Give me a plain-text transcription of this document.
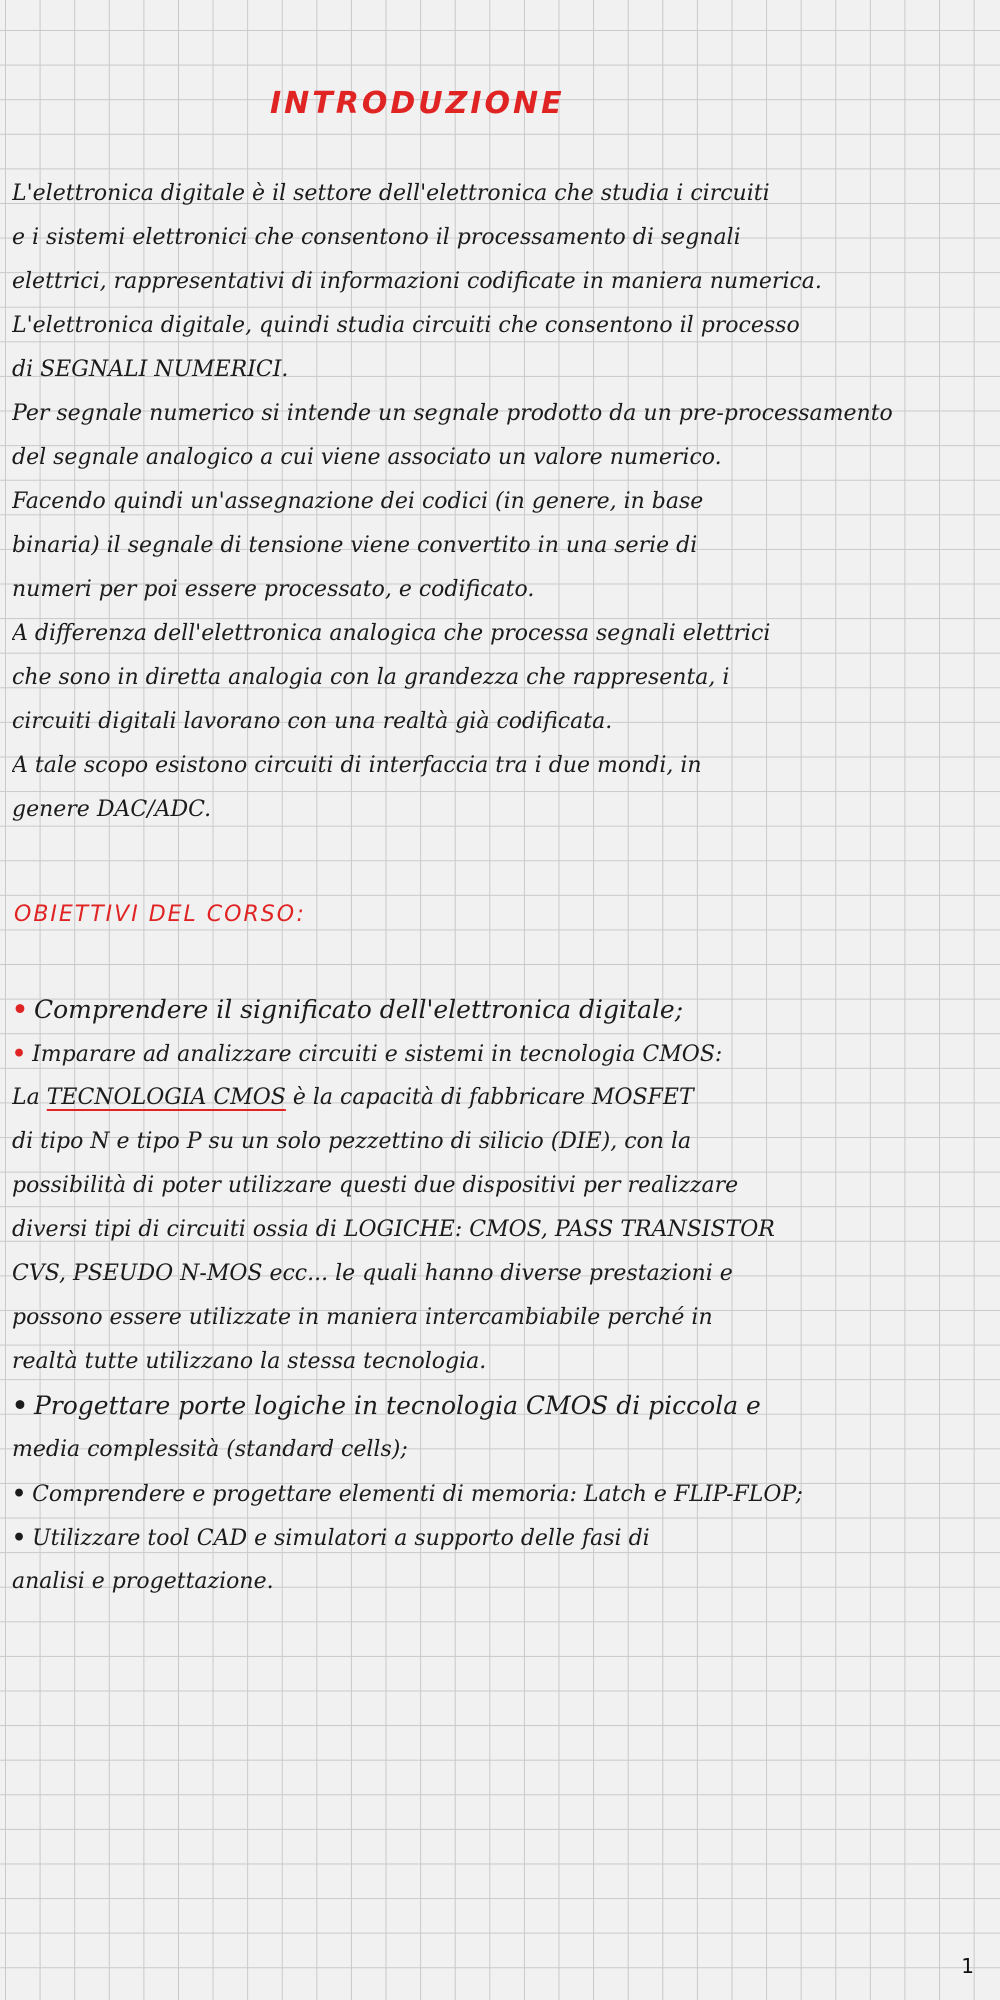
INTRODUZIONE
L'elettronica digitale è il settore dell'elettronica che studia i circuiti
e i sistemi elettronici che consentono il processamento di segnali
elettrici, rappresentativi di informazioni codificate in maniera numerica.
L'elettronica digitale, quindi studia circuiti che consentono il processo
di SEGNALI NUMERICI.
Per segnale numerico si intende un segnale prodotto da un pre-processamento
del segnale analogico a cui viene associato un valore numerico.
Facendo quindi un'assegnazione dei codici (in genere, in base
binaria) il segnale di tensione viene convertito in una serie di
numeri per poi essere processato, e codificato.
A differenza dell'elettronica analogica che processa segnali elettrici
che sono in diretta analogia con la grandezza che rappresenta, i
circuiti digitali lavorano con una realtà già codificata.
A tale scopo esistono circuiti di interfaccia tra i due mondi, in
genere DAC/ADC.
OBIETTIVI DEL CORSO:
• Comprendere il significato dell'elettronica digitale;
• Imparare ad analizzare circuiti e sistemi in tecnologia CMOS:
La TECNOLOGIA CMOS è la capacità di fabbricare MOSFET
di tipo N e tipo P su un solo pezzettino di silicio (DIE), con la
possibilità di poter utilizzare questi due dispositivi per realizzare
diversi tipi di circuiti ossia di LOGICHE: CMOS, PASS TRANSISTOR
CVS, PSEUDO N-MOS ecc... le quali hanno diverse prestazioni e
possono essere utilizzate in maniera intercambiabile perché in
realtà tutte utilizzano la stessa tecnologia.
• Progettare porte logiche in tecnologia CMOS di piccola e
media complessità (standard cells);
• Comprendere e progettare elementi di memoria: Latch e FLIP-FLOP;
• Utilizzare tool CAD e simulatori a supporto delle fasi di
analisi e progettazione.
1
